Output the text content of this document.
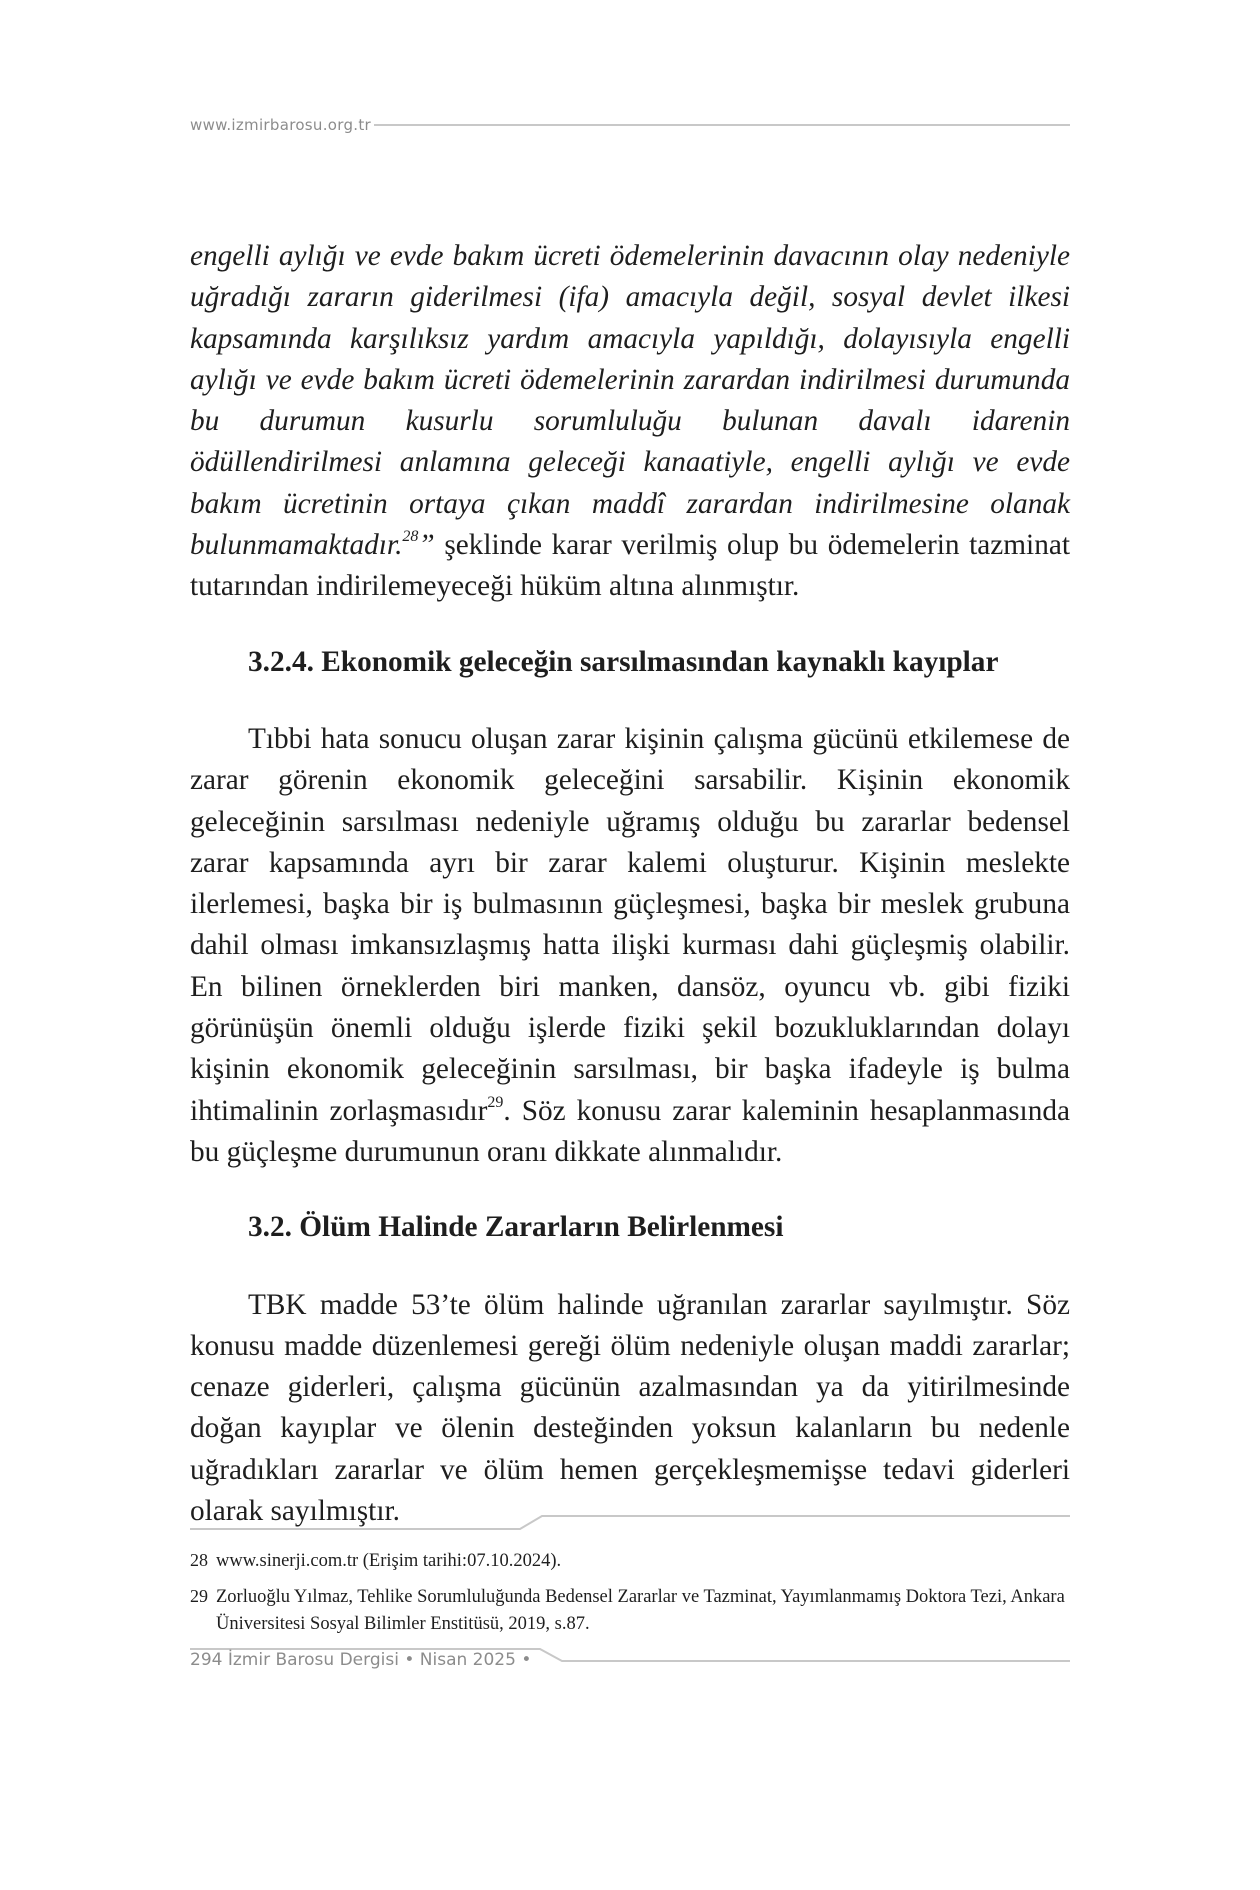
www.izmirbarosu.org.tr

engelli aylığı ve evde bakım ücreti ödemelerinin davacının olay nedeniyle uğradığı zararın giderilmesi (ifa) amacıyla değil, sosyal devlet ilkesi kapsamında karşılıksız yardım amacıyla yapıldığı, dolayısıyla engelli aylığı ve evde bakım ücreti ödemelerinin zarardan indirilmesi durumunda bu durumun kusurlu sorumluluğu bulunan davalı idarenin ödüllendirilmesi anlamına geleceği kanaatiyle, engelli aylığı ve evde bakım ücretinin ortaya çıkan maddî zarardan indirilmesine olanak bulunmamaktadır.$^{28}$” şeklinde karar verilmiş olup bu ödemelerin tazminat tutarından indirilemeyeceği hüküm altına alınmıştır.

3.2.4. Ekonomik geleceğin sarsılmasından kaynaklı kayıplar

Tıbbi hata sonucu oluşan zarar kişinin çalışma gücünü etkilemese de zarar görenin ekonomik geleceğini sarsabilir. Kişinin ekonomik geleceğinin sarsılması nedeniyle uğramış olduğu bu zararlar bedensel zarar kapsamında ayrı bir zarar kalemi oluşturur. Kişinin meslekte ilerlemesi, başka bir iş bulmasının güçleşmesi, başka bir meslek grubuna dahil olması imkansızlaşmış hatta ilişki kurması dahi güçleşmiş olabilir. En bilinen örneklerden biri manken, dansöz, oyuncu vb. gibi fiziki görünüşün önemli olduğu işlerde fiziki şekil bozukluklarından dolayı kişinin ekonomik geleceğinin sarsılması, bir başka ifadeyle iş bulma ihtimalinin zorlaşmasıdır$^{29}$. Söz konusu zarar kaleminin hesaplanmasında bu güçleşme durumunun oranı dikkate alınmalıdır.

3.2. Ölüm Halinde Zararların Belirlenmesi

TBK madde 53’te ölüm halinde uğranılan zararlar sayılmıştır. Söz konusu madde düzenlemesi gereği ölüm nedeniyle oluşan maddi zararlar; cenaze giderleri, çalışma gücünün azalmasından ya da yitirilmesinde doğan kayıplar ve ölenin desteğinden yoksun kalanların bu nedenle uğradıkları zararlar ve ölüm hemen gerçekleşmemişse tedavi giderleri olarak sayılmıştır.

28 www.sinerji.com.tr (Erişim tarihi:07.10.2024).

29 Zorluoğlu Yılmaz, Tehlike Sorumluluğunda Bedensel Zararlar ve Tazminat, Yayımlanmamış Doktora Tezi, Ankara Üniversitesi Sosyal Bilimler Enstitüsü, 2019, s.87.

294 İzmir Barosu Dergisi • Nisan 2025 •
